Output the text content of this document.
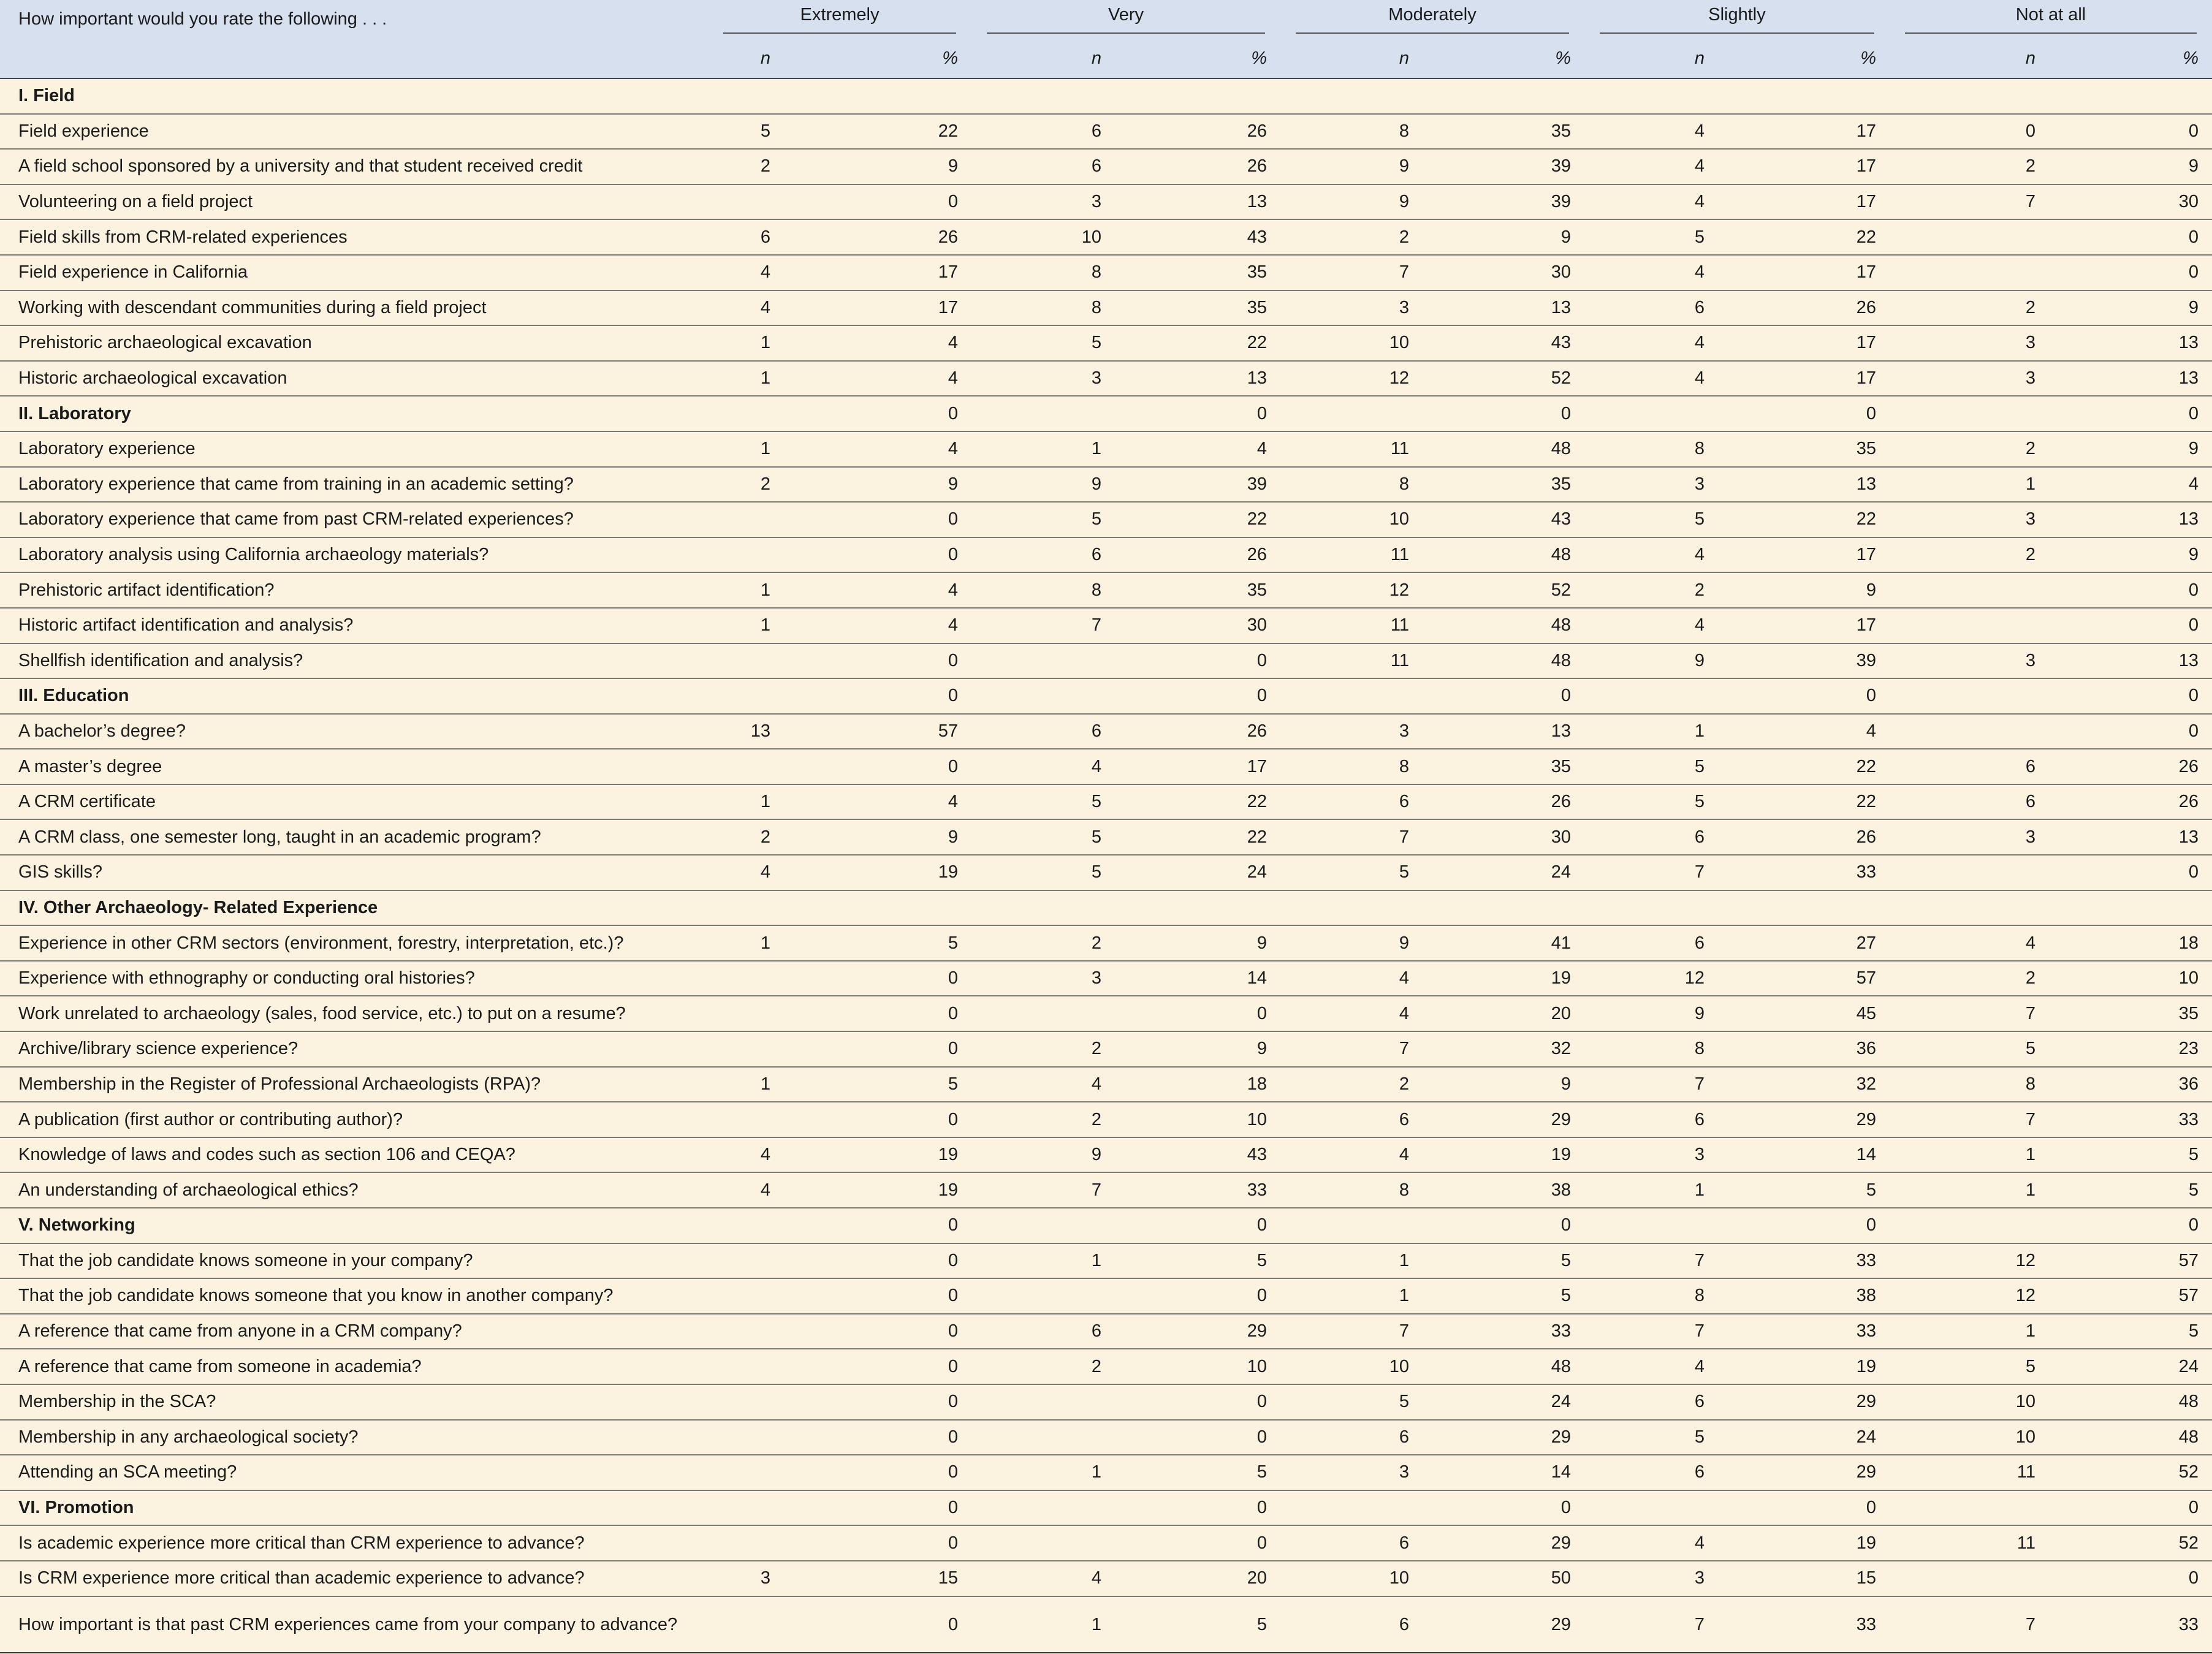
How important would you rate the following . . .	Extremely		Very		Moderately		Slightly		Not at all	

	n	%	n	%	n	%	n	%	n	%
I. Field										
Field experience	5	22	6	26	8	35	4	17	0	0
A field school sponsored by a university and that student received credit	2	9	6	26	9	39	4	17	2	9
Volunteering on a field project		0	3	13	9	39	4	17	7	30
Field skills from CRM-related experiences	6	26	10	43	2	9	5	22		0
Field experience in California	4	17	8	35	7	30	4	17		0
Working with descendant communities during a field project	4	17	8	35	3	13	6	26	2	9
Prehistoric archaeological excavation	1	4	5	22	10	43	4	17	3	13
Historic archaeological excavation	1	4	3	13	12	52	4	17	3	13
II. Laboratory		0		0		0		0		0
Laboratory experience	1	4	1	4	11	48	8	35	2	9
Laboratory experience that came from training in an academic setting?	2	9	9	39	8	35	3	13	1	4
Laboratory experience that came from past CRM-related experiences?		0	5	22	10	43	5	22	3	13
Laboratory analysis using California archaeology materials?		0	6	26	11	48	4	17	2	9
Prehistoric artifact identification?	1	4	8	35	12	52	2	9		0
Historic artifact identification and analysis?	1	4	7	30	11	48	4	17		0
Shellfish identification and analysis?		0		0	11	48	9	39	3	13
III. Education		0		0		0		0		0
A bachelor’s degree?	13	57	6	26	3	13	1	4		0
A master’s degree		0	4	17	8	35	5	22	6	26
A CRM certificate	1	4	5	22	6	26	5	22	6	26
A CRM class, one semester long, taught in an academic program?	2	9	5	22	7	30	6	26	3	13
GIS skills?	4	19	5	24	5	24	7	33		0
IV. Other Archaeology- Related Experience										
Experience in other CRM sectors (environment, forestry, interpretation, etc.)?	1	5	2	9	9	41	6	27	4	18
Experience with ethnography or conducting oral histories?		0	3	14	4	19	12	57	2	10
Work unrelated to archaeology (sales, food service, etc.) to put on a resume?		0		0	4	20	9	45	7	35
Archive/library science experience?		0	2	9	7	32	8	36	5	23
Membership in the Register of Professional Archaeologists (RPA)?	1	5	4	18	2	9	7	32	8	36
A publication (first author or contributing author)?		0	2	10	6	29	6	29	7	33
Knowledge of laws and codes such as section 106 and CEQA?	4	19	9	43	4	19	3	14	1	5
An understanding of archaeological ethics?	4	19	7	33	8	38	1	5	1	5
V. Networking		0		0		0		0		0
That the job candidate knows someone in your company?		0	1	5	1	5	7	33	12	57
That the job candidate knows someone that you know in another company?		0		0	1	5	8	38	12	57
A reference that came from anyone in a CRM company?		0	6	29	7	33	7	33	1	5
A reference that came from someone in academia?		0	2	10	10	48	4	19	5	24
Membership in the SCA?		0		0	5	24	6	29	10	48
Membership in any archaeological society?		0		0	6	29	5	24	10	48
Attending an SCA meeting?		0	1	5	3	14	6	29	11	52
VI. Promotion		0		0		0		0		0
Is academic experience more critical than CRM experience to advance?		0		0	6	29	4	19	11	52
Is CRM experience more critical than academic experience to advance?	3	15	4	20	10	50	3	15		0
How important is that past CRM experiences came from your company to advance?		0	1	5	6	29	7	33	7	33
